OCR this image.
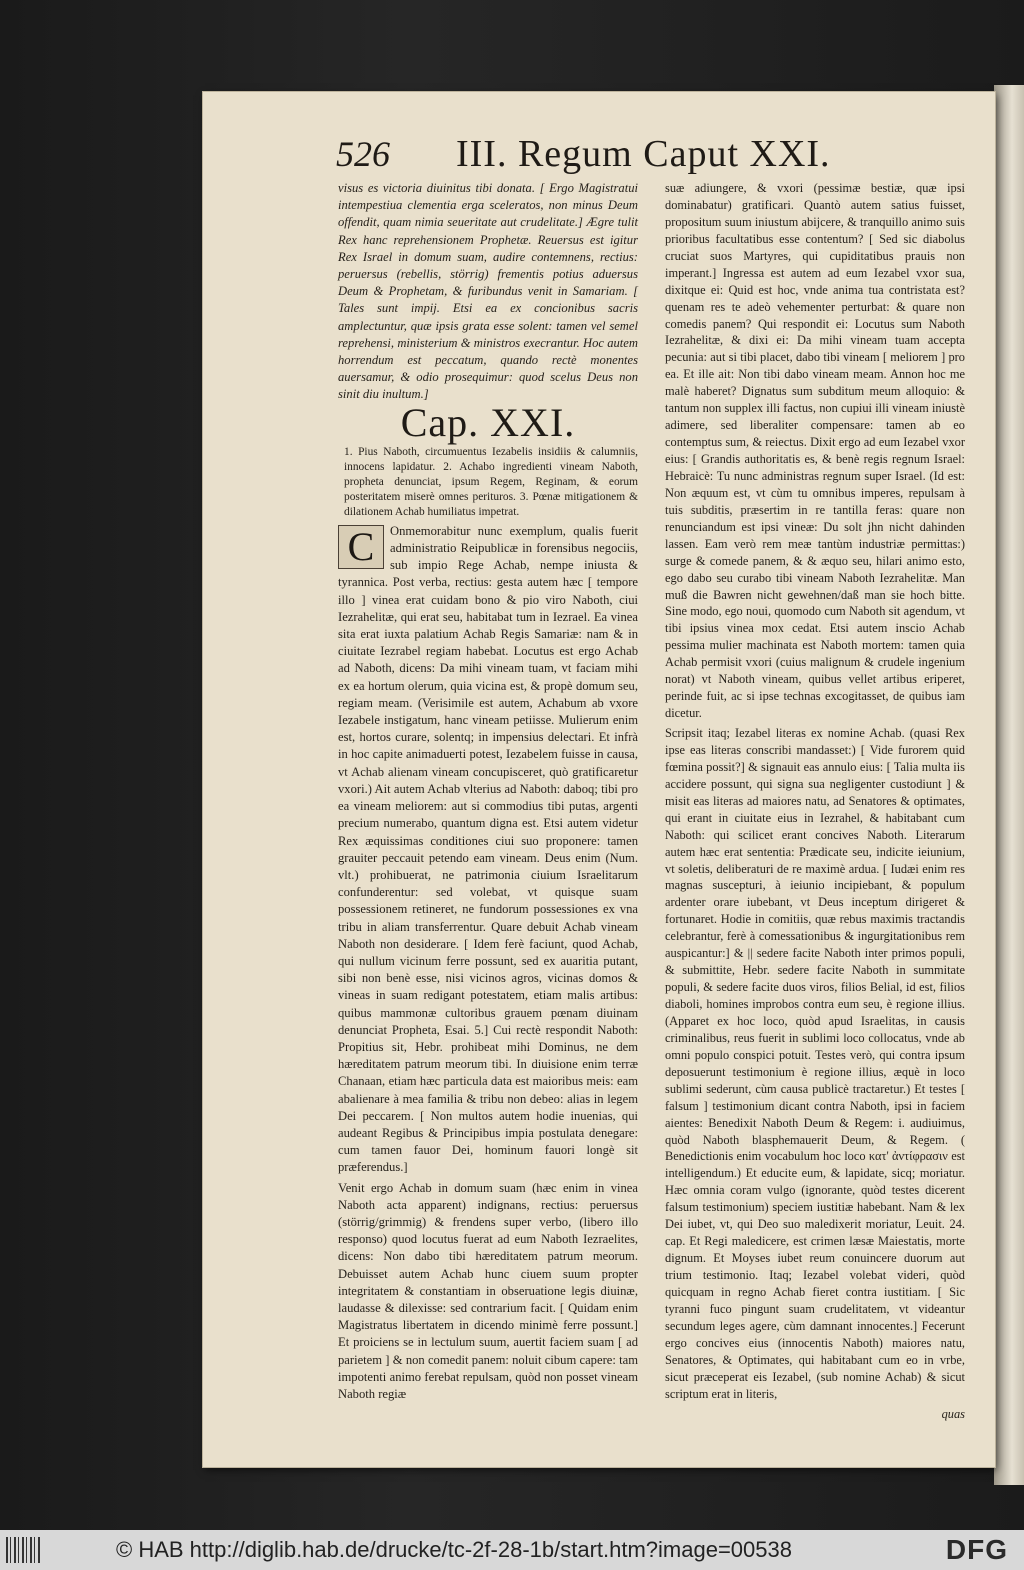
526	III. Regum Caput XXI.

visus es victoria diuinitus tibi donata. [ Ergo Magistratui intempestiua clementia erga sceleratos, non minus Deum offendit, quam nimia seueritate aut crudelitate.] Ægre tulit Rex hanc reprehensionem Prophetæ. Reuersus est igitur Rex Israel in domum suam, audire contemnens, rectius: peruersus (rebellis, störrig) frementis potius aduersus Deum & Prophetam, & furibundus venit in Samariam. [ Tales sunt impij. Etsi ea ex concionibus sacris amplectuntur, quæ ipsis grata esse solent: tamen vel semel reprehensi, ministerium & ministros execrantur. Hoc autem horrendum est peccatum, quando rectè monentes auersamur, & odio prosequimur: quod scelus Deus non sinit diu inultum.]

Cap. XXI.

1. Pius Naboth, circumuentus Iezabelis insidiis & calumniis, innocens lapidatur. 2. Achabo ingredienti vineam Naboth, propheta denunciat, ipsum Regem, Reginam, & eorum posteritatem miserè omnes perituros. 3. Pœnæ mitigationem & dilationem Achab humiliatus impetrat.

C	Onmemorabitur nunc exemplum, qualis fuerit administratio Reipublicæ in forensibus negociis, sub impio Rege Achab, nempe iniusta & tyrannica. Post verba, rectius: gesta autem hæc [ tempore illo ] vinea erat cuidam bono & pio viro Naboth, ciui Iezrahelitæ, qui erat seu, habitabat tum in Iezrael. Ea vinea sita erat iuxta palatium Achab Regis Samariæ: nam & in ciuitate Iezrabel regiam habebat. Locutus est ergo Achab ad Naboth, dicens: Da mihi vineam tuam, vt faciam mihi ex ea hortum olerum, quia vicina est, & propè domum seu, regiam meam. (Verisimile est autem, Achabum ab vxore Iezabele instigatum, hanc vineam petiisse. Mulierum enim est, hortos curare, solentq; in impensius delectari. Et infrà in hoc capite animaduerti potest, Iezabelem fuisse in causa, vt Achab alienam vineam concupisceret, quò gratificaretur vxori.) Ait autem Achab vlterius ad Naboth: daboq; tibi pro ea vineam meliorem: aut si commodius tibi putas, argenti precium numerabo, quantum digna est. Etsi autem videtur Rex æquissimas conditiones ciui suo proponere: tamen grauiter peccauit petendo eam vineam. Deus enim (Num. vlt.) prohibuerat, ne patrimonia ciuium Israelitarum confunderentur: sed volebat, vt quisque suam possessionem retineret, ne fundorum possessiones ex vna tribu in aliam transferrentur. Quare debuit Achab vineam Naboth non desiderare. [ Idem ferè faciunt, quod Achab, qui nullum vicinum ferre possunt, sed ex auaritia putant, sibi non benè esse, nisi vicinos agros, vicinas domos & vineas in suam redigant potestatem, etiam malis artibus: quibus mammonæ cultoribus grauem pœnam diuinam denunciat Propheta, Esai. 5.] Cui rectè respondit Naboth: Propitius sit, Hebr. prohibeat mihi Dominus, ne dem hæreditatem patrum meorum tibi. In diuisione enim terræ Chanaan, etiam hæc particula data est maioribus meis: eam abalienare à mea familia & tribu non debeo: alias in legem Dei peccarem. [ Non multos autem hodie inuenias, qui audeant Regibus & Principibus impia postulata denegare: cum tamen fauor Dei, hominum fauori longè sit præferendus.]

Venit ergo Achab in domum suam (hæc enim in vinea Naboth acta apparent) indignans, rectius: peruersus (störrig/grimmig) & frendens super verbo, (libero illo responso) quod locutus fuerat ad eum Naboth Iezraelites, dicens: Non dabo tibi hæreditatem patrum meorum. Debuisset autem Achab hunc ciuem suum propter integritatem & constantiam in obseruatione legis diuinæ, laudasse & dilexisse: sed contrarium facit. [ Quidam enim Magistratus libertatem in dicendo minimè ferre possunt.] Et proiciens se in lectulum suum, auertit faciem suam [ ad parietem ] & non comedit panem: noluit cibum capere: tam impotenti animo ferebat repulsam, quòd non posset vineam Naboth regiæ

suæ adiungere, & vxori (pessimæ bestiæ, quæ ipsi dominabatur) gratificari. Quantò autem satius fuisset, propositum suum iniustum abijcere, & tranquillo animo suis prioribus facultatibus esse contentum? [ Sed sic diabolus cruciat suos Martyres, qui cupiditatibus prauis non imperant.] Ingressa est autem ad eum Iezabel vxor sua, dixitque ei: Quid est hoc, vnde anima tua contristata est? quenam res te adeò vehementer perturbat: & quare non comedis panem? Qui respondit ei: Locutus sum Naboth Iezrahelitæ, & dixi ei: Da mihi vineam tuam accepta pecunia: aut si tibi placet, dabo tibi vineam [ meliorem ] pro ea. Et ille ait: Non tibi dabo vineam meam. Annon hoc me malè haberet? Dignatus sum subditum meum alloquio: & tantum non supplex illi factus, non cupiui illi vineam iniustè adimere, sed liberaliter compensare: tamen ab eo contemptus sum, & reiectus. Dixit ergo ad eum Iezabel vxor eius: [ Grandis authoritatis es, & benè regis regnum Israel: Hebraicè: Tu nunc administras regnum super Israel. (Id est: Non æquum est, vt cùm tu omnibus imperes, repulsam à tuis subditis, præsertim in re tantilla feras: quare non renunciandum est ipsi vineæ: Du solt jhn nicht dahinden lassen. Eam verò rem meæ tantùm industriæ permittas:) surge & comede panem, & & æquo seu, hilari animo esto, ego dabo seu curabo tibi vineam Naboth Iezrahelitæ. Man muß die Bawren nicht gewehnen/daß man sie hoch bitte. Sine modo, ego noui, quomodo cum Naboth sit agendum, vt tibi ipsius vinea mox cedat. Etsi autem inscio Achab pessima mulier machinata est Naboth mortem: tamen quia Achab permisit vxori (cuius malignum & crudele ingenium norat) vt Naboth vineam, quibus vellet artibus eriperet, perinde fuit, ac si ipse technas excogitasset, de quibus iam dicetur.

Scripsit itaq; Iezabel literas ex nomine Achab. (quasi Rex ipse eas literas conscribi mandasset:) [ Vide furorem quid fœmina possit?] & signauit eas annulo eius: [ Talia multa iis accidere possunt, qui signa sua negligenter custodiunt ] & misit eas literas ad maiores natu, ad Senatores & optimates, qui erant in ciuitate eius in Iezrahel, & habitabant cum Naboth: qui scilicet erant concives Naboth. Literarum autem hæc erat sententia: Prædicate seu, indicite ieiunium, vt soletis, deliberaturi de re maximè ardua. [ Iudæi enim res magnas suscepturi, à ieiunio incipiebant, & populum ardenter orare iubebant, vt Deus inceptum dirigeret & fortunaret. Hodie in comitiis, quæ rebus maximis tractandis celebrantur, ferè à comessationibus & ingurgitationibus rem auspicantur:] & || sedere facite Naboth inter primos populi, & submittite, Hebr. sedere facite Naboth in summitate populi, & sedere facite duos viros, filios Belial, id est, filios diaboli, homines improbos contra eum seu, è regione illius. (Apparet ex hoc loco, quòd apud Israelitas, in causis criminalibus, reus fuerit in sublimi loco collocatus, vnde ab omni populo conspici potuit. Testes verò, qui contra ipsum deposuerunt testimonium è regione illius, æquè in loco sublimi sederunt, cùm causa publicè tractaretur.) Et testes [ falsum ] testimonium dicant contra Naboth, ipsi in faciem aientes: Benedixit Naboth Deum & Regem: i. audiuimus, quòd Naboth blasphemauerit Deum, & Regem. ( Benedictionis enim vocabulum hoc loco κατ' ἀντίφρασιν est intelligendum.) Et educite eum, & lapidate, sicq; moriatur. Hæc omnia coram vulgo (ignorante, quòd testes dicerent falsum testimonium) speciem iustitiæ habebant. Nam & lex Dei iubet, vt, qui Deo suo maledixerit moriatur, Leuit. 24. cap. Et Regi maledicere, est crimen læsæ Maiestatis, morte dignum. Et Moyses iubet reum conuincere duorum aut trium testimonio. Itaq; Iezabel volebat videri, quòd quicquam in regno Achab fieret contra iustitiam. [ Sic tyranni fuco pingunt suam crudelitatem, vt videantur secundum leges agere, cùm damnant innocentes.] Fecerunt ergo concives eius (innocentis Naboth) maiores natu, Senatores, & Optimates, qui habitabant cum eo in vrbe, sicut præceperat eis Iezabel, (sub nomine Achab) & sicut scriptum erat in literis,

quas
© HAB http://diglib.hab.de/drucke/tc-2f-28-1b/start.htm?image=00538	DFG
